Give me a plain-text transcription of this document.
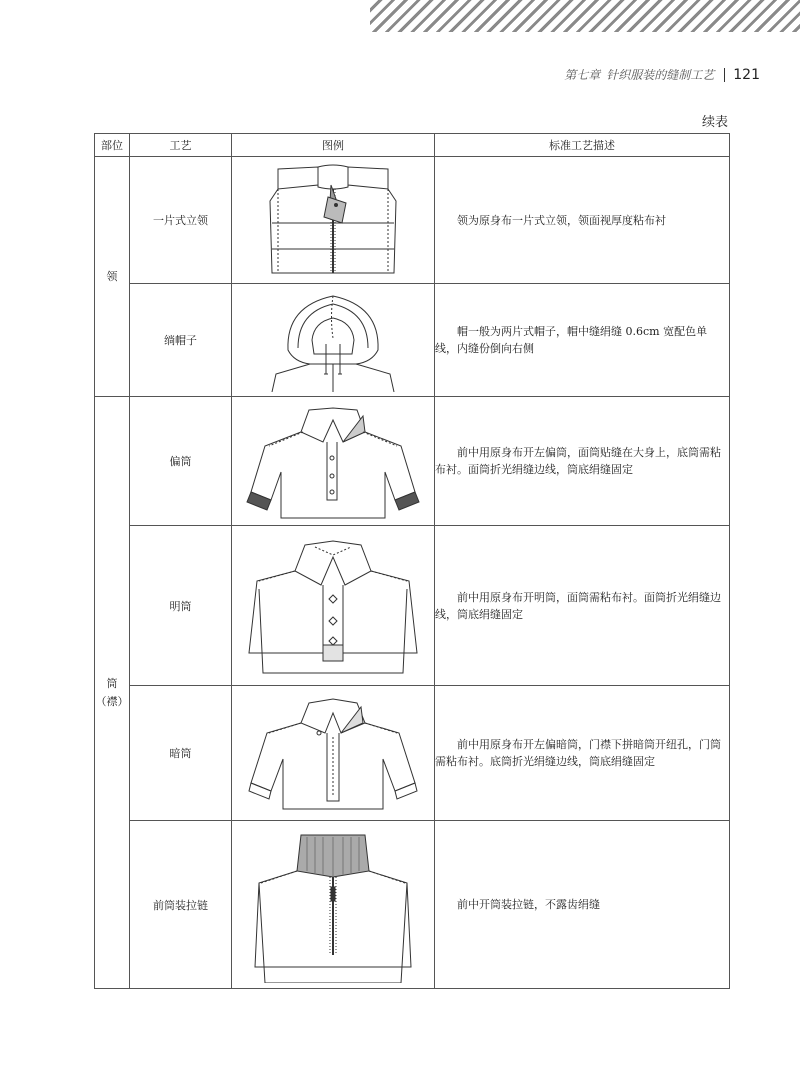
第七章 针织服装的缝制工艺 121
续表
部位	工艺	图例	标准工艺描述
领	一片式立领		领为原身布一片式立领，领面视厚度粘布衬

	绱帽子		帽一般为两片式帽子，帽中缝绢缝 0.6cm 宽配色单线，内缝份倒向右侧

筒（襟）	偏筒		前中用原身布开左偏筒，面筒贴缝在大身上，底筒需粘布衬。面筒折光绢缝边线，筒底绢缝固定

	明筒		前中用原身布开明筒，面筒需粘布衬。面筒折光绢缝边线，筒底绢缝固定

	暗筒		前中用原身布开左偏暗筒，门襟下拼暗筒开纽孔，门筒需粘布衬。底筒折光绢缝边线，筒底绢缝固定

	前筒装拉链		前中开筒装拉链，不露齿绢缝
